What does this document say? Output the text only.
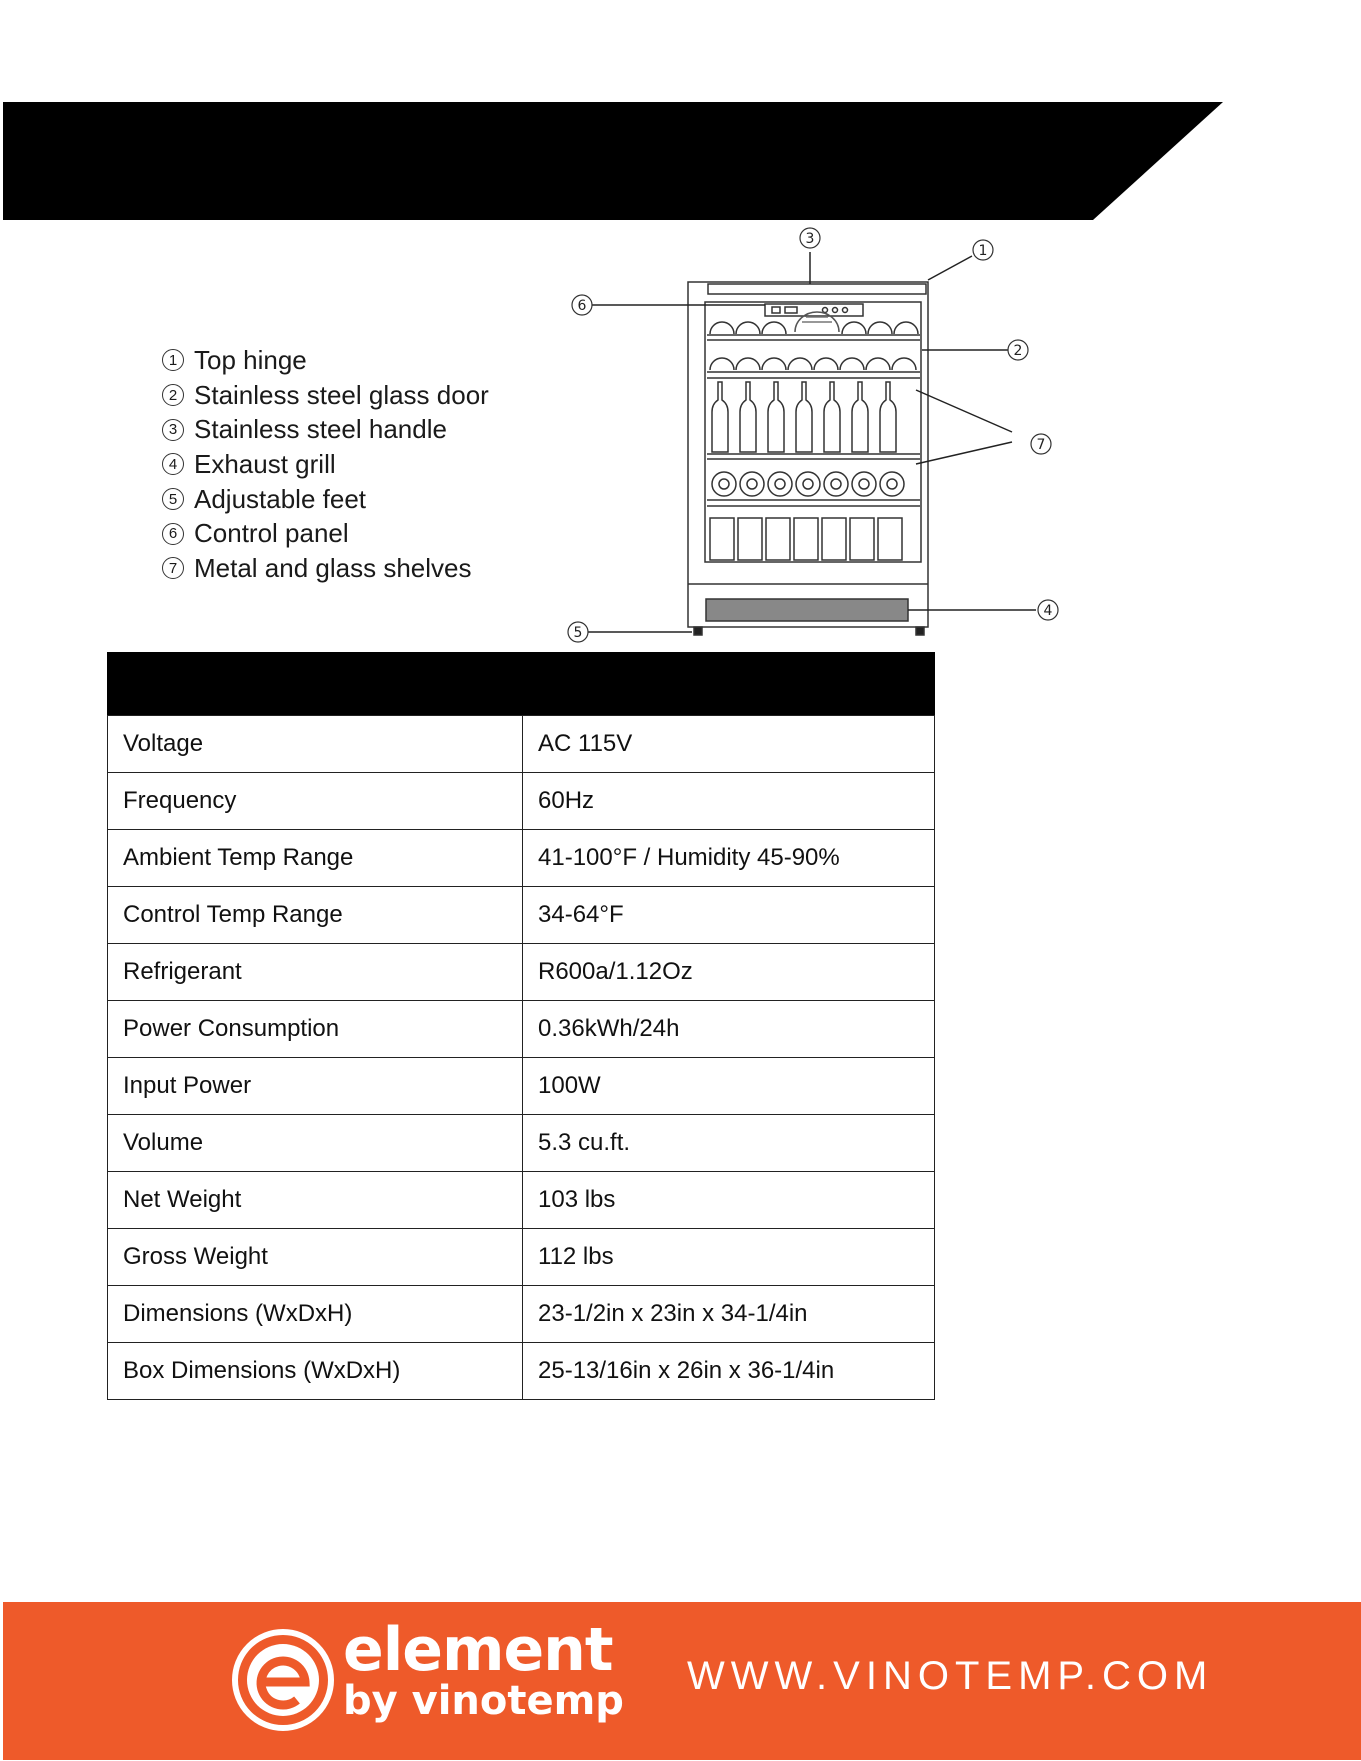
1 Top hinge
2 Stainless steel glass door
3 Stainless steel handle
4 Exhaust grill
5 Adjustable feet
6 Control panel
7 Metal and glass shelves
1
2
3
4
5
6
7
Voltage	AC 115V
Frequency	60Hz
Ambient Temp Range	41-100°F / Humidity 45-90%
Control Temp Range	34-64°F
Refrigerant	R600a/1.12Oz
Power Consumption	0.36kWh/24h
Input Power	100W
Volume	5.3 cu.ft.
Net Weight	103 lbs
Gross Weight	112 lbs
Dimensions (WxDxH)	23-1/2in x 23in x 34-1/4in
Box Dimensions (WxDxH)	25-13/16in x 26in x 36-1/4in
element
by vinotemp
WWW.VINOTEMP.COM
